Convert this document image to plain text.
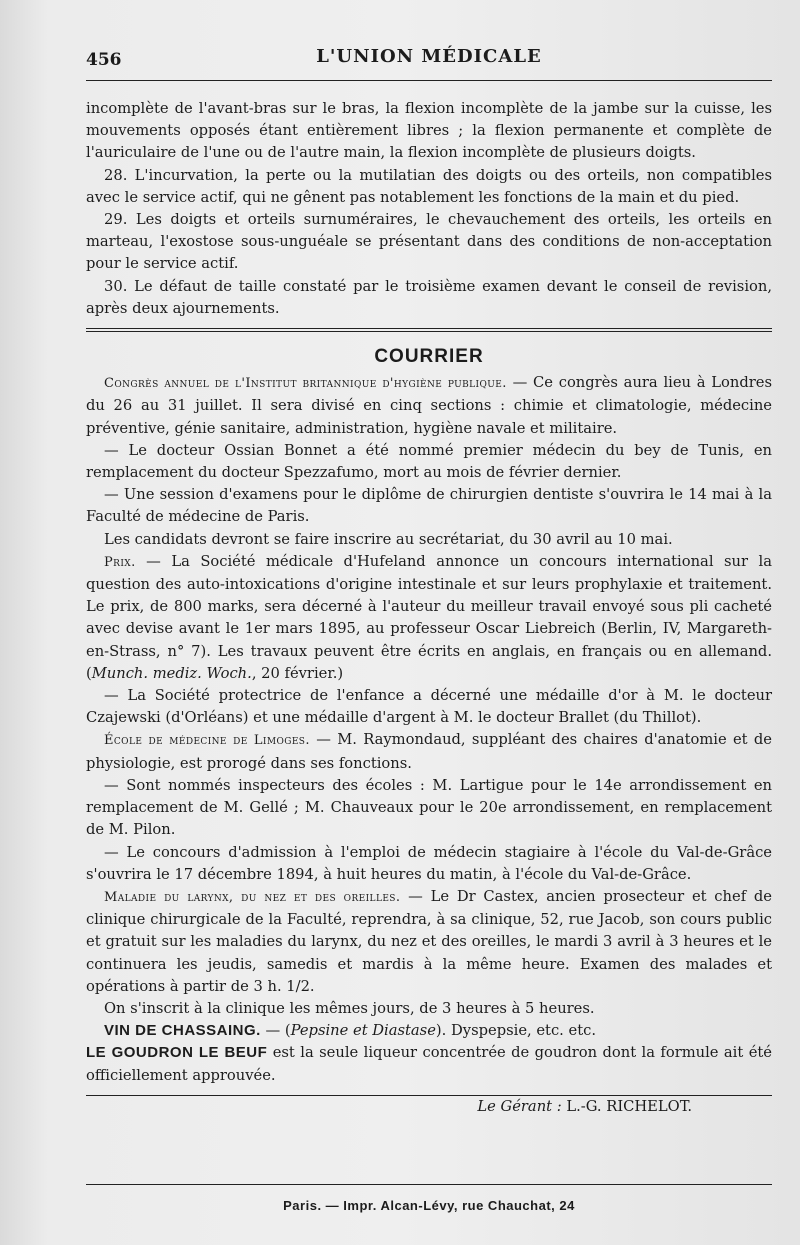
456	L'UNION MÉDICALE

incomplète de l'avant-bras sur le bras, la flexion incomplète de la jambe sur la cuisse, les mouvements opposés étant entièrement libres ; la flexion permanente et complète de l'auriculaire de l'une ou de l'autre main, la flexion incomplète de plusieurs doigts.

28. L'incurvation, la perte ou la mutilatian des doigts ou des orteils, non compatibles avec le service actif, qui ne gênent pas notablement les fonctions de la main et du pied.

29. Les doigts et orteils surnuméraires, le chevauchement des orteils, les orteils en marteau, l'exostose sous-unguéale se présentant dans des conditions de non-acceptation pour le service actif.

30. Le défaut de taille constaté par le troisième examen devant le conseil de revision, après deux ajournements.

COURRIER

Congrès annuel de l'Institut britannique d'hygiène publique. — Ce congrès aura lieu à Londres du 26 au 31 juillet. Il sera divisé en cinq sections : chimie et climatologie, médecine préventive, génie sanitaire, administration, hygiène navale et militaire.

— Le docteur Ossian Bonnet a été nommé premier médecin du bey de Tunis, en remplacement du docteur Spezzafumo, mort au mois de février dernier.

— Une session d'examens pour le diplôme de chirurgien dentiste s'ouvrira le 14 mai à la Faculté de médecine de Paris.

Les candidats devront se faire inscrire au secrétariat, du 30 avril au 10 mai.

Prix. — La Société médicale d'Hufeland annonce un concours international sur la question des auto-intoxications d'origine intestinale et sur leurs prophylaxie et traitement. Le prix, de 800 marks, sera décerné à l'auteur du meilleur travail envoyé sous pli cacheté avec devise avant le 1er mars 1895, au professeur Oscar Liebreich (Berlin, IV, Margareth-en-Strass, n° 7). Les travaux peuvent être écrits en anglais, en français ou en allemand. (Munch. mediz. Woch., 20 février.)

— La Société protectrice de l'enfance a décerné une médaille d'or à M. le docteur Czajewski (d'Orléans) et une médaille d'argent à M. le docteur Brallet (du Thillot).

École de médecine de Limoges. — M. Raymondaud, suppléant des chaires d'anatomie et de physiologie, est prorogé dans ses fonctions.

— Sont nommés inspecteurs des écoles : M. Lartigue pour le 14e arrondissement en remplacement de M. Gellé ; M. Chauveaux pour le 20e arrondissement, en remplacement de M. Pilon.

— Le concours d'admission à l'emploi de médecin stagiaire à l'école du Val-de-Grâce s'ouvrira le 17 décembre 1894, à huit heures du matin, à l'école du Val-de-Grâce.

Maladie du larynx, du nez et des oreilles. — Le Dr Castex, ancien prosecteur et chef de clinique chirurgicale de la Faculté, reprendra, à sa clinique, 52, rue Jacob, son cours public et gratuit sur les maladies du larynx, du nez et des oreilles, le mardi 3 avril à 3 heures et le continuera les jeudis, samedis et mardis à la même heure. Examen des malades et opérations à partir de 3 h. 1/2.

On s'inscrit à la clinique les mêmes jours, de 3 heures à 5 heures.

VIN DE CHASSAING. — (Pepsine et Diastase). Dyspepsie, etc. etc.

LE GOUDRON LE BEUF est la seule liqueur concentrée de goudron dont la formule ait été officiellement approuvée.

Le Gérant : L.-G. RICHELOT.

Paris. — Impr. Alcan-Lévy, rue Chauchat, 24
